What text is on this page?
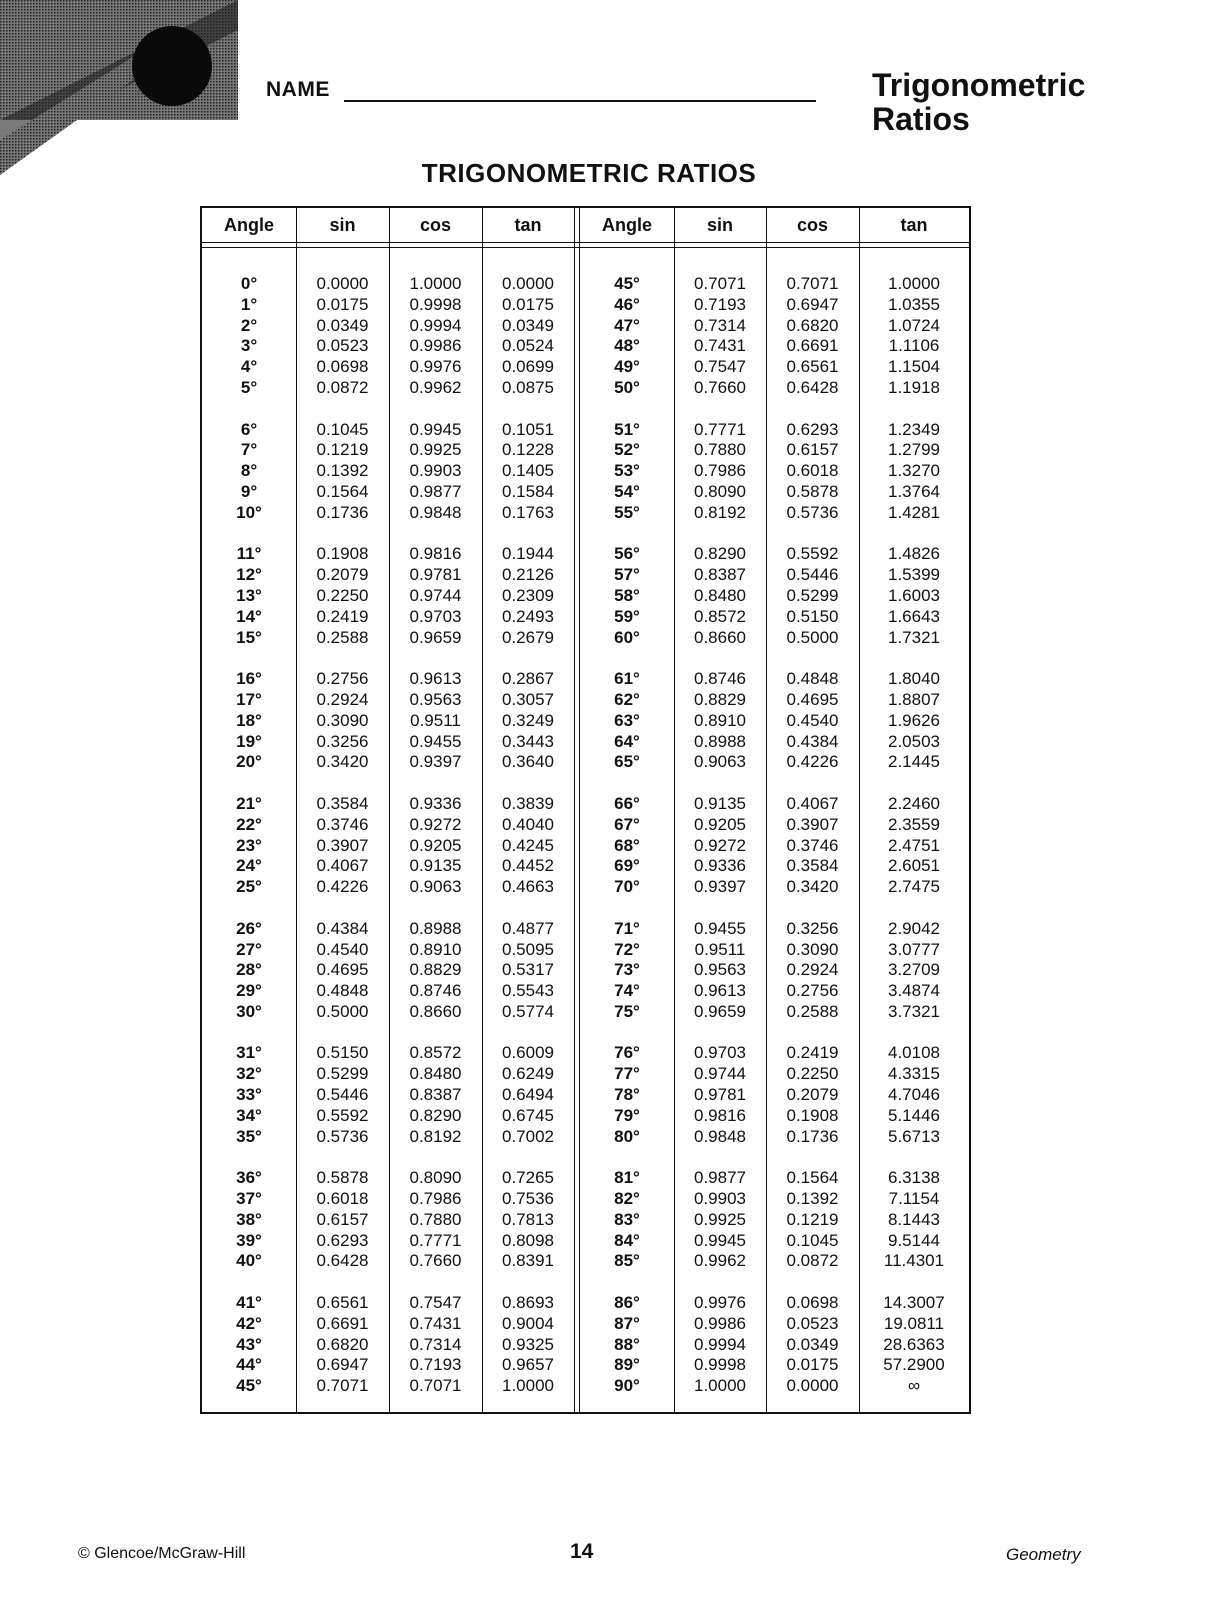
NAME	Trigonometric
Ratios
TRIGONOMETRIC RATIOS
Angle	sin	cos	tan	Angle	sin	cos	tan
0°	0.0000	1.0000	0.0000	45°	0.7071	0.7071	1.0000
1°	0.0175	0.9998	0.0175	46°	0.7193	0.6947	1.0355
2°	0.0349	0.9994	0.0349	47°	0.7314	0.6820	1.0724
3°	0.0523	0.9986	0.0524	48°	0.7431	0.6691	1.1106
4°	0.0698	0.9976	0.0699	49°	0.7547	0.6561	1.1504
5°	0.0872	0.9962	0.0875	50°	0.7660	0.6428	1.1918
6°	0.1045	0.9945	0.1051	51°	0.7771	0.6293	1.2349
7°	0.1219	0.9925	0.1228	52°	0.7880	0.6157	1.2799
8°	0.1392	0.9903	0.1405	53°	0.7986	0.6018	1.3270
9°	0.1564	0.9877	0.1584	54°	0.8090	0.5878	1.3764
10°	0.1736	0.9848	0.1763	55°	0.8192	0.5736	1.4281
11°	0.1908	0.9816	0.1944	56°	0.8290	0.5592	1.4826
12°	0.2079	0.9781	0.2126	57°	0.8387	0.5446	1.5399
13°	0.2250	0.9744	0.2309	58°	0.8480	0.5299	1.6003
14°	0.2419	0.9703	0.2493	59°	0.8572	0.5150	1.6643
15°	0.2588	0.9659	0.2679	60°	0.8660	0.5000	1.7321
16°	0.2756	0.9613	0.2867	61°	0.8746	0.4848	1.8040
17°	0.2924	0.9563	0.3057	62°	0.8829	0.4695	1.8807
18°	0.3090	0.9511	0.3249	63°	0.8910	0.4540	1.9626
19°	0.3256	0.9455	0.3443	64°	0.8988	0.4384	2.0503
20°	0.3420	0.9397	0.3640	65°	0.9063	0.4226	2.1445
21°	0.3584	0.9336	0.3839	66°	0.9135	0.4067	2.2460
22°	0.3746	0.9272	0.4040	67°	0.9205	0.3907	2.3559
23°	0.3907	0.9205	0.4245	68°	0.9272	0.3746	2.4751
24°	0.4067	0.9135	0.4452	69°	0.9336	0.3584	2.6051
25°	0.4226	0.9063	0.4663	70°	0.9397	0.3420	2.7475
26°	0.4384	0.8988	0.4877	71°	0.9455	0.3256	2.9042
27°	0.4540	0.8910	0.5095	72°	0.9511	0.3090	3.0777
28°	0.4695	0.8829	0.5317	73°	0.9563	0.2924	3.2709
29°	0.4848	0.8746	0.5543	74°	0.9613	0.2756	3.4874
30°	0.5000	0.8660	0.5774	75°	0.9659	0.2588	3.7321
31°	0.5150	0.8572	0.6009	76°	0.9703	0.2419	4.0108
32°	0.5299	0.8480	0.6249	77°	0.9744	0.2250	4.3315
33°	0.5446	0.8387	0.6494	78°	0.9781	0.2079	4.7046
34°	0.5592	0.8290	0.6745	79°	0.9816	0.1908	5.1446
35°	0.5736	0.8192	0.7002	80°	0.9848	0.1736	5.6713
36°	0.5878	0.8090	0.7265	81°	0.9877	0.1564	6.3138
37°	0.6018	0.7986	0.7536	82°	0.9903	0.1392	7.1154
38°	0.6157	0.7880	0.7813	83°	0.9925	0.1219	8.1443
39°	0.6293	0.7771	0.8098	84°	0.9945	0.1045	9.5144
40°	0.6428	0.7660	0.8391	85°	0.9962	0.0872	11.4301
41°	0.6561	0.7547	0.8693	86°	0.9976	0.0698	14.3007
42°	0.6691	0.7431	0.9004	87°	0.9986	0.0523	19.0811
43°	0.6820	0.7314	0.9325	88°	0.9994	0.0349	28.6363
44°	0.6947	0.7193	0.9657	89°	0.9998	0.0175	57.2900
45°	0.7071	0.7071	1.0000	90°	1.0000	0.0000	∞
© Glencoe/McGraw-Hill	14	Geometry
